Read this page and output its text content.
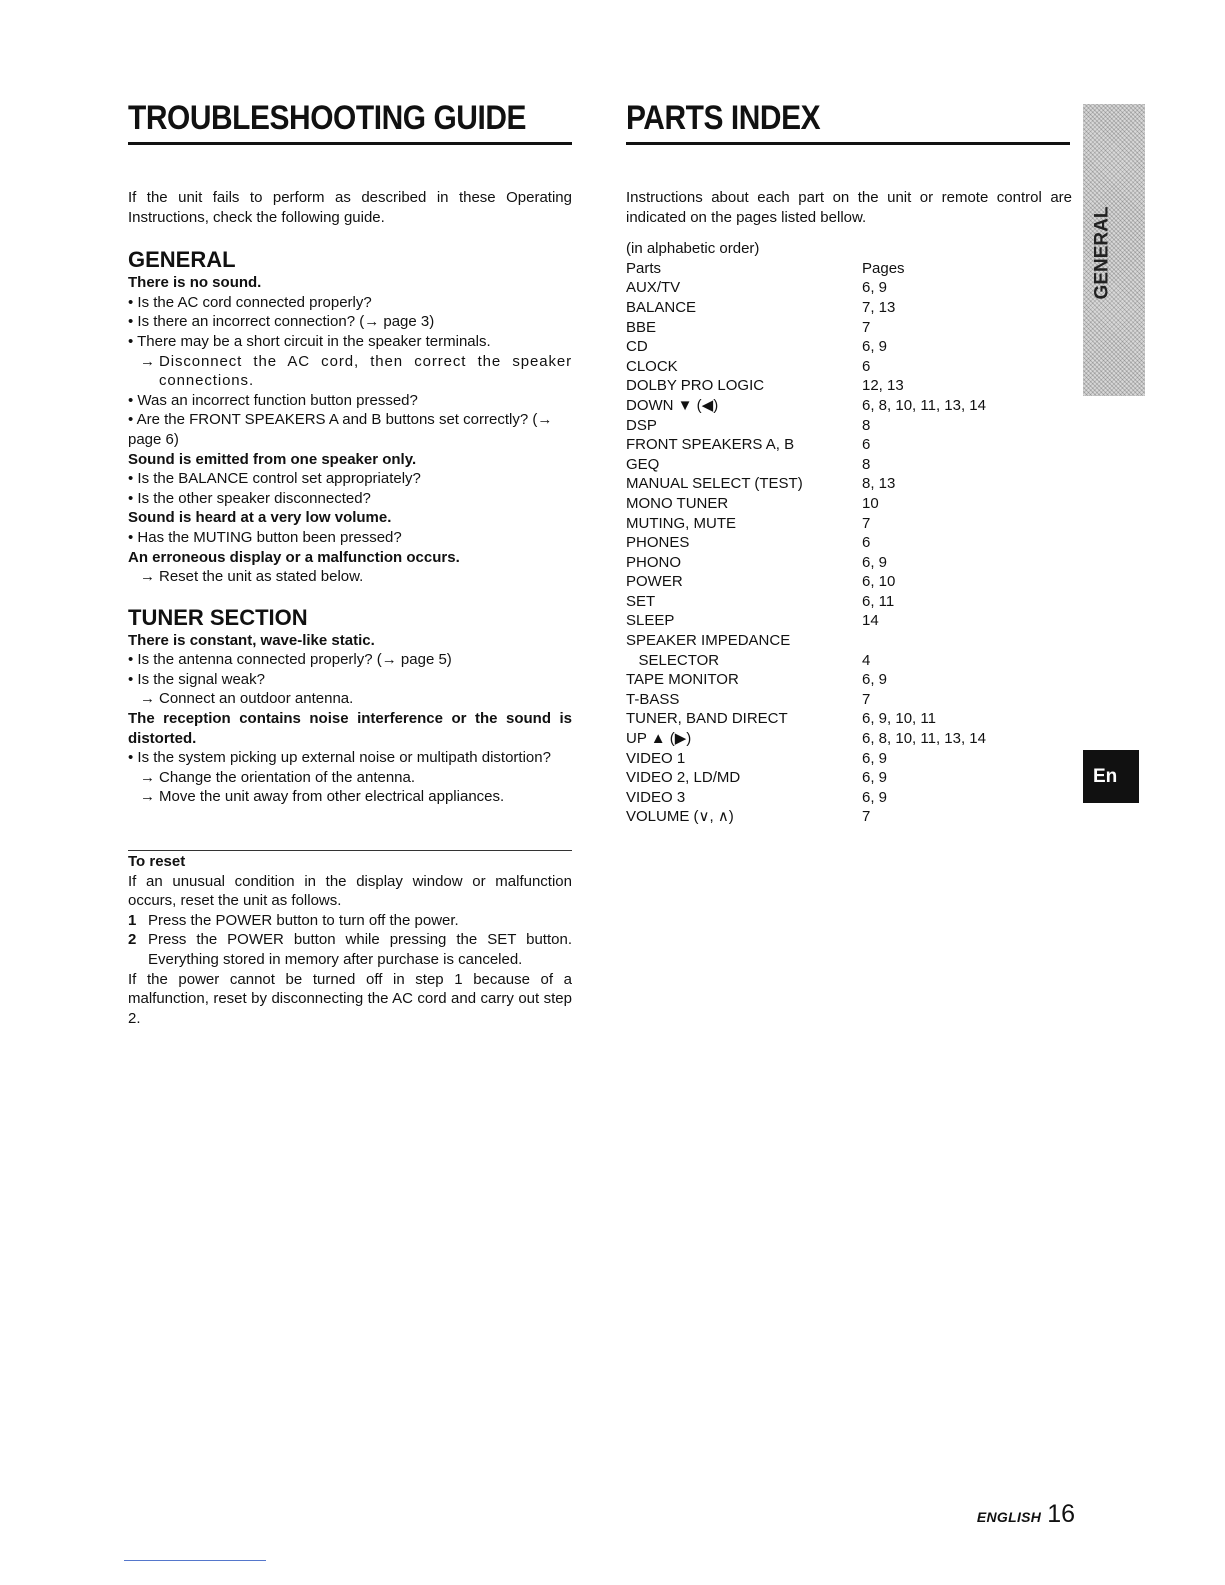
TROUBLESHOOTING GUIDE

If the unit fails to perform as described in these Operating Instructions, check the following guide.

GENERAL

There is no sound.

• Is the AC cord connected properly?

• Is there an incorrect connection? (→ page 3)

• There may be a short circuit in the speaker terminals.

→ Disconnect the AC cord, then correct the speaker connections.

• Was an incorrect function button pressed?

• Are the FRONT SPEAKERS A and B buttons set correctly? (→ page 6)

Sound is emitted from one speaker only.

• Is the BALANCE control set appropriately?

• Is the other speaker disconnected?

Sound is heard at a very low volume.

• Has the MUTING button been pressed?

An erroneous display or a malfunction occurs.

→ Reset the unit as stated below.

TUNER SECTION

There is constant, wave-like static.

• Is the antenna connected properly? (→ page 5)

• Is the signal weak?

→ Connect an outdoor antenna.

The reception contains noise interference or the sound is distorted.

• Is the system picking up external noise or multipath distortion?

→ Change the orientation of the antenna.
→ Move the unit away from other electrical appliances.

To reset

If an unusual condition in the display window or malfunction occurs, reset the unit as follows.

1 Press the POWER button to turn off the power.
2 Press the POWER button while pressing the SET button. Everything stored in memory after purchase is canceled.

If the power cannot be turned off in step 1 because of a malfunction, reset by disconnecting the AC cord and carry out step 2.

PARTS INDEX

Instructions about each part on the unit or remote control are indicated on the pages listed bellow.

(in alphabetic order)

Parts	Pages
AUX/TV	6, 9
BALANCE	7, 13
BBE	7
CD	6, 9
CLOCK	6
DOLBY PRO LOGIC	12, 13
DOWN ▼ (◀)	6, 8, 10, 11, 13, 14
DSP	8
FRONT SPEAKERS A, B	6
GEQ	8
MANUAL SELECT (TEST)	8, 13
MONO TUNER	10
MUTING, MUTE	7
PHONES	6
PHONO	6, 9
POWER	6, 10
SET	6, 11
SLEEP	14
SPEAKER IMPEDANCE
SELECTOR	4
TAPE MONITOR	6, 9
T-BASS	7
TUNER, BAND DIRECT	6, 9, 10, 11
UP ▲ (▶)	6, 8, 10, 11, 13, 14
VIDEO 1	6, 9
VIDEO 2, LD/MD	6, 9
VIDEO 3	6, 9
VOLUME (∨, ∧)	7
GENERAL
En
ENGLISH 16
